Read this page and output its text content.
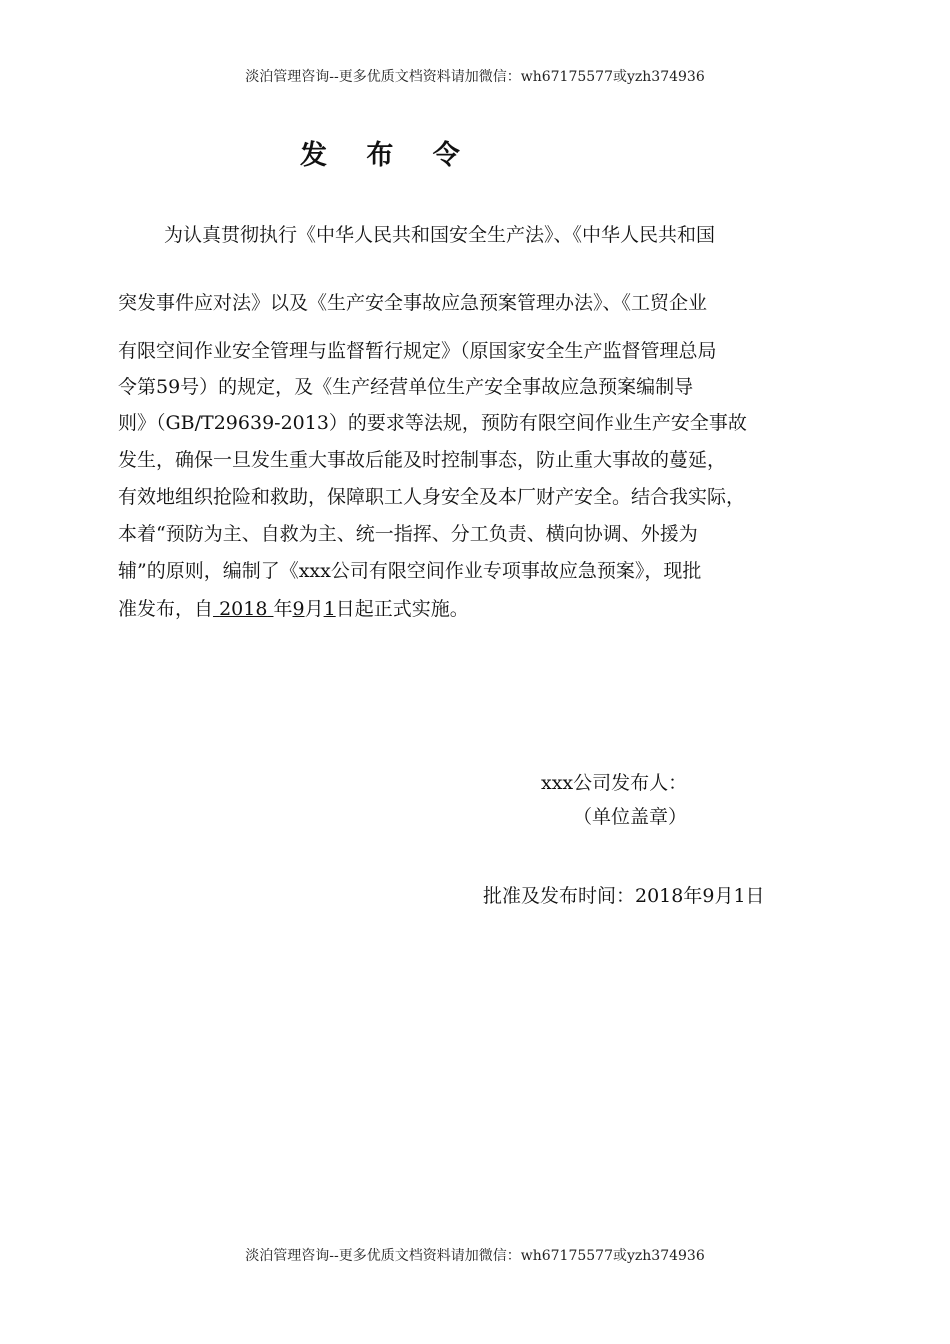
淡泊管理咨询--更多优质文档资料请加微信：wh67175577或yzh374936
发 布 令
为认真贯彻执行《中华人民共和国安全生产法》、《中华人民共和国
突发事件应对法》以及《生产安全事故应急预案管理办法》、《工贸企业
有限空间作业安全管理与监督暂行规定》（原国家安全生产监督管理总局
令第59号）的规定，及《生产经营单位生产安全事故应急预案编制导
则》（GB/T29639-2013）的要求等法规，预防有限空间作业生产安全事故
发生，确保一旦发生重大事故后能及时控制事态，防止重大事故的蔓延，
有效地组织抢险和救助，保障职工人身安全及本厂财产安全。结合我实际，
本着“预防为主、自救为主、统一指挥、分工负责、横向协调、外援为
辅”的原则，编制了《xxx公司有限空间作业专项事故应急预案》，现批
准发布，自 2018 年9月1日起正式实施。
xxx公司发布人：
（单位盖章）
批准及发布时间：2018年9月1日
淡泊管理咨询--更多优质文档资料请加微信：wh67175577或yzh374936
